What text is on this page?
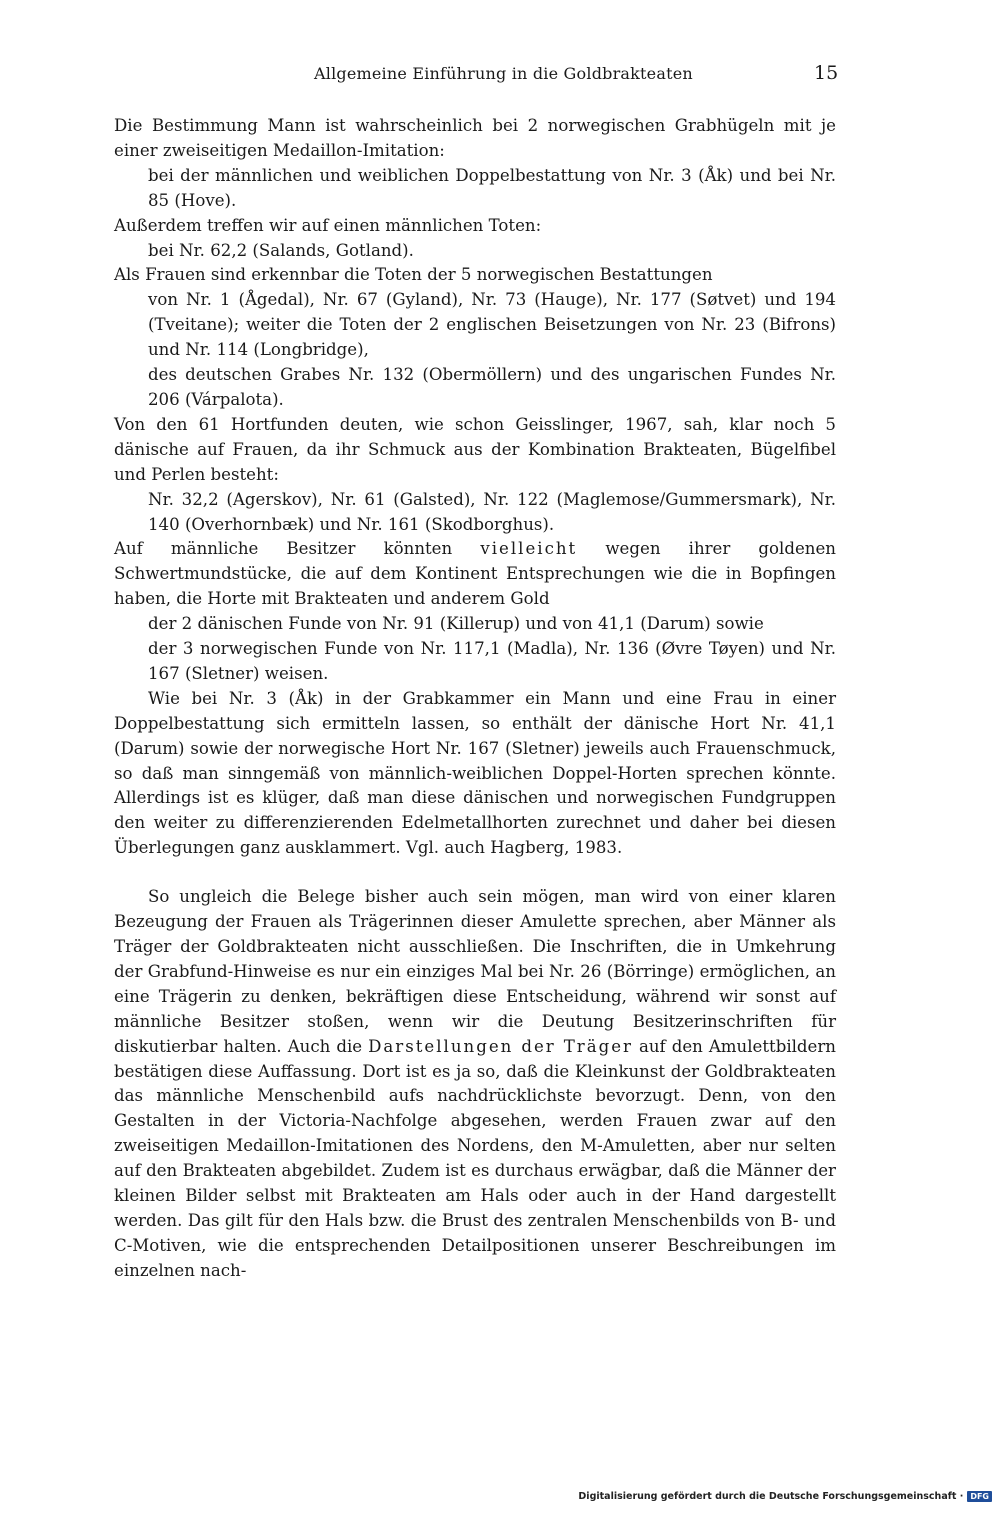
Allgemeine Einführung in die Goldbrakteaten	15

Die Bestimmung Mann ist wahrscheinlich bei 2 norwegischen Grabhügeln mit je einer zweiseitigen Medaillon-Imitation:

bei der männlichen und weiblichen Doppelbestattung von Nr. 3 (Åk) und bei Nr. 85 (Hove).

Außerdem treffen wir auf einen männlichen Toten:

bei Nr. 62,2 (Salands, Gotland).

Als Frauen sind erkennbar die Toten der 5 norwegischen Bestattungen

von Nr. 1 (Ågedal), Nr. 67 (Gyland), Nr. 73 (Hauge), Nr. 177 (Søtvet) und 194 (Tveitane); weiter die Toten der 2 englischen Beisetzungen von Nr. 23 (Bifrons) und Nr. 114 (Longbridge),

des deutschen Grabes Nr. 132 (Obermöllern) und des ungarischen Fundes Nr. 206 (Várpalota).

Von den 61 Hortfunden deuten, wie schon Geisslinger, 1967, sah, klar noch 5 dänische auf Frauen, da ihr Schmuck aus der Kombination Brakteaten, Bügelfibel und Perlen besteht:

Nr. 32,2 (Agerskov), Nr. 61 (Galsted), Nr. 122 (Maglemose/Gummersmark), Nr. 140 (Overhornbæk) und Nr. 161 (Skodborghus).

Auf männliche Besitzer könnten vielleicht wegen ihrer goldenen Schwertmundstücke, die auf dem Kontinent Entsprechungen wie die in Bopfingen haben, die Horte mit Brakteaten und anderem Gold

der 2 dänischen Funde von Nr. 91 (Killerup) und von 41,1 (Darum) sowie

der 3 norwegischen Funde von Nr. 117,1 (Madla), Nr. 136 (Øvre Tøyen) und Nr. 167 (Sletner) weisen.

Wie bei Nr. 3 (Åk) in der Grabkammer ein Mann und eine Frau in einer Doppelbestattung sich ermitteln lassen, so enthält der dänische Hort Nr. 41,1 (Darum) sowie der norwegische Hort Nr. 167 (Sletner) jeweils auch Frauenschmuck, so daß man sinngemäß von männlich-weiblichen Doppel-Horten sprechen könnte. Allerdings ist es klüger, daß man diese dänischen und norwegischen Fundgruppen den weiter zu differenzierenden Edelmetallhorten zurechnet und daher bei diesen Überlegungen ganz ausklammert. Vgl. auch Hagberg, 1983.

So ungleich die Belege bisher auch sein mögen, man wird von einer klaren Bezeugung der Frauen als Trägerinnen dieser Amulette sprechen, aber Männer als Träger der Goldbrakteaten nicht ausschließen. Die Inschriften, die in Umkehrung der Grabfund-Hinweise es nur ein einziges Mal bei Nr. 26 (Börringe) ermöglichen, an eine Trägerin zu denken, bekräftigen diese Entscheidung, während wir sonst auf männliche Besitzer stoßen, wenn wir die Deutung Besitzerinschriften für diskutierbar halten. Auch die Darstellungen der Träger auf den Amulettbildern bestätigen diese Auffassung. Dort ist es ja so, daß die Kleinkunst der Goldbrakteaten das männliche Menschenbild aufs nachdrücklichste bevorzugt. Denn, von den Gestalten in der Victoria-Nachfolge abgesehen, werden Frauen zwar auf den zweiseitigen Medaillon-Imitationen des Nordens, den M-Amuletten, aber nur selten auf den Brakteaten abgebildet. Zudem ist es durchaus erwägbar, daß die Männer der kleinen Bilder selbst mit Brakteaten am Hals oder auch in der Hand dargestellt werden. Das gilt für den Hals bzw. die Brust des zentralen Menschenbilds von B- und C-Motiven, wie die entsprechenden Detailpositionen unserer Beschreibungen im einzelnen nach-

Digitalisierung gefördert durch die Deutsche Forschungsgemeinschaft · DFG
